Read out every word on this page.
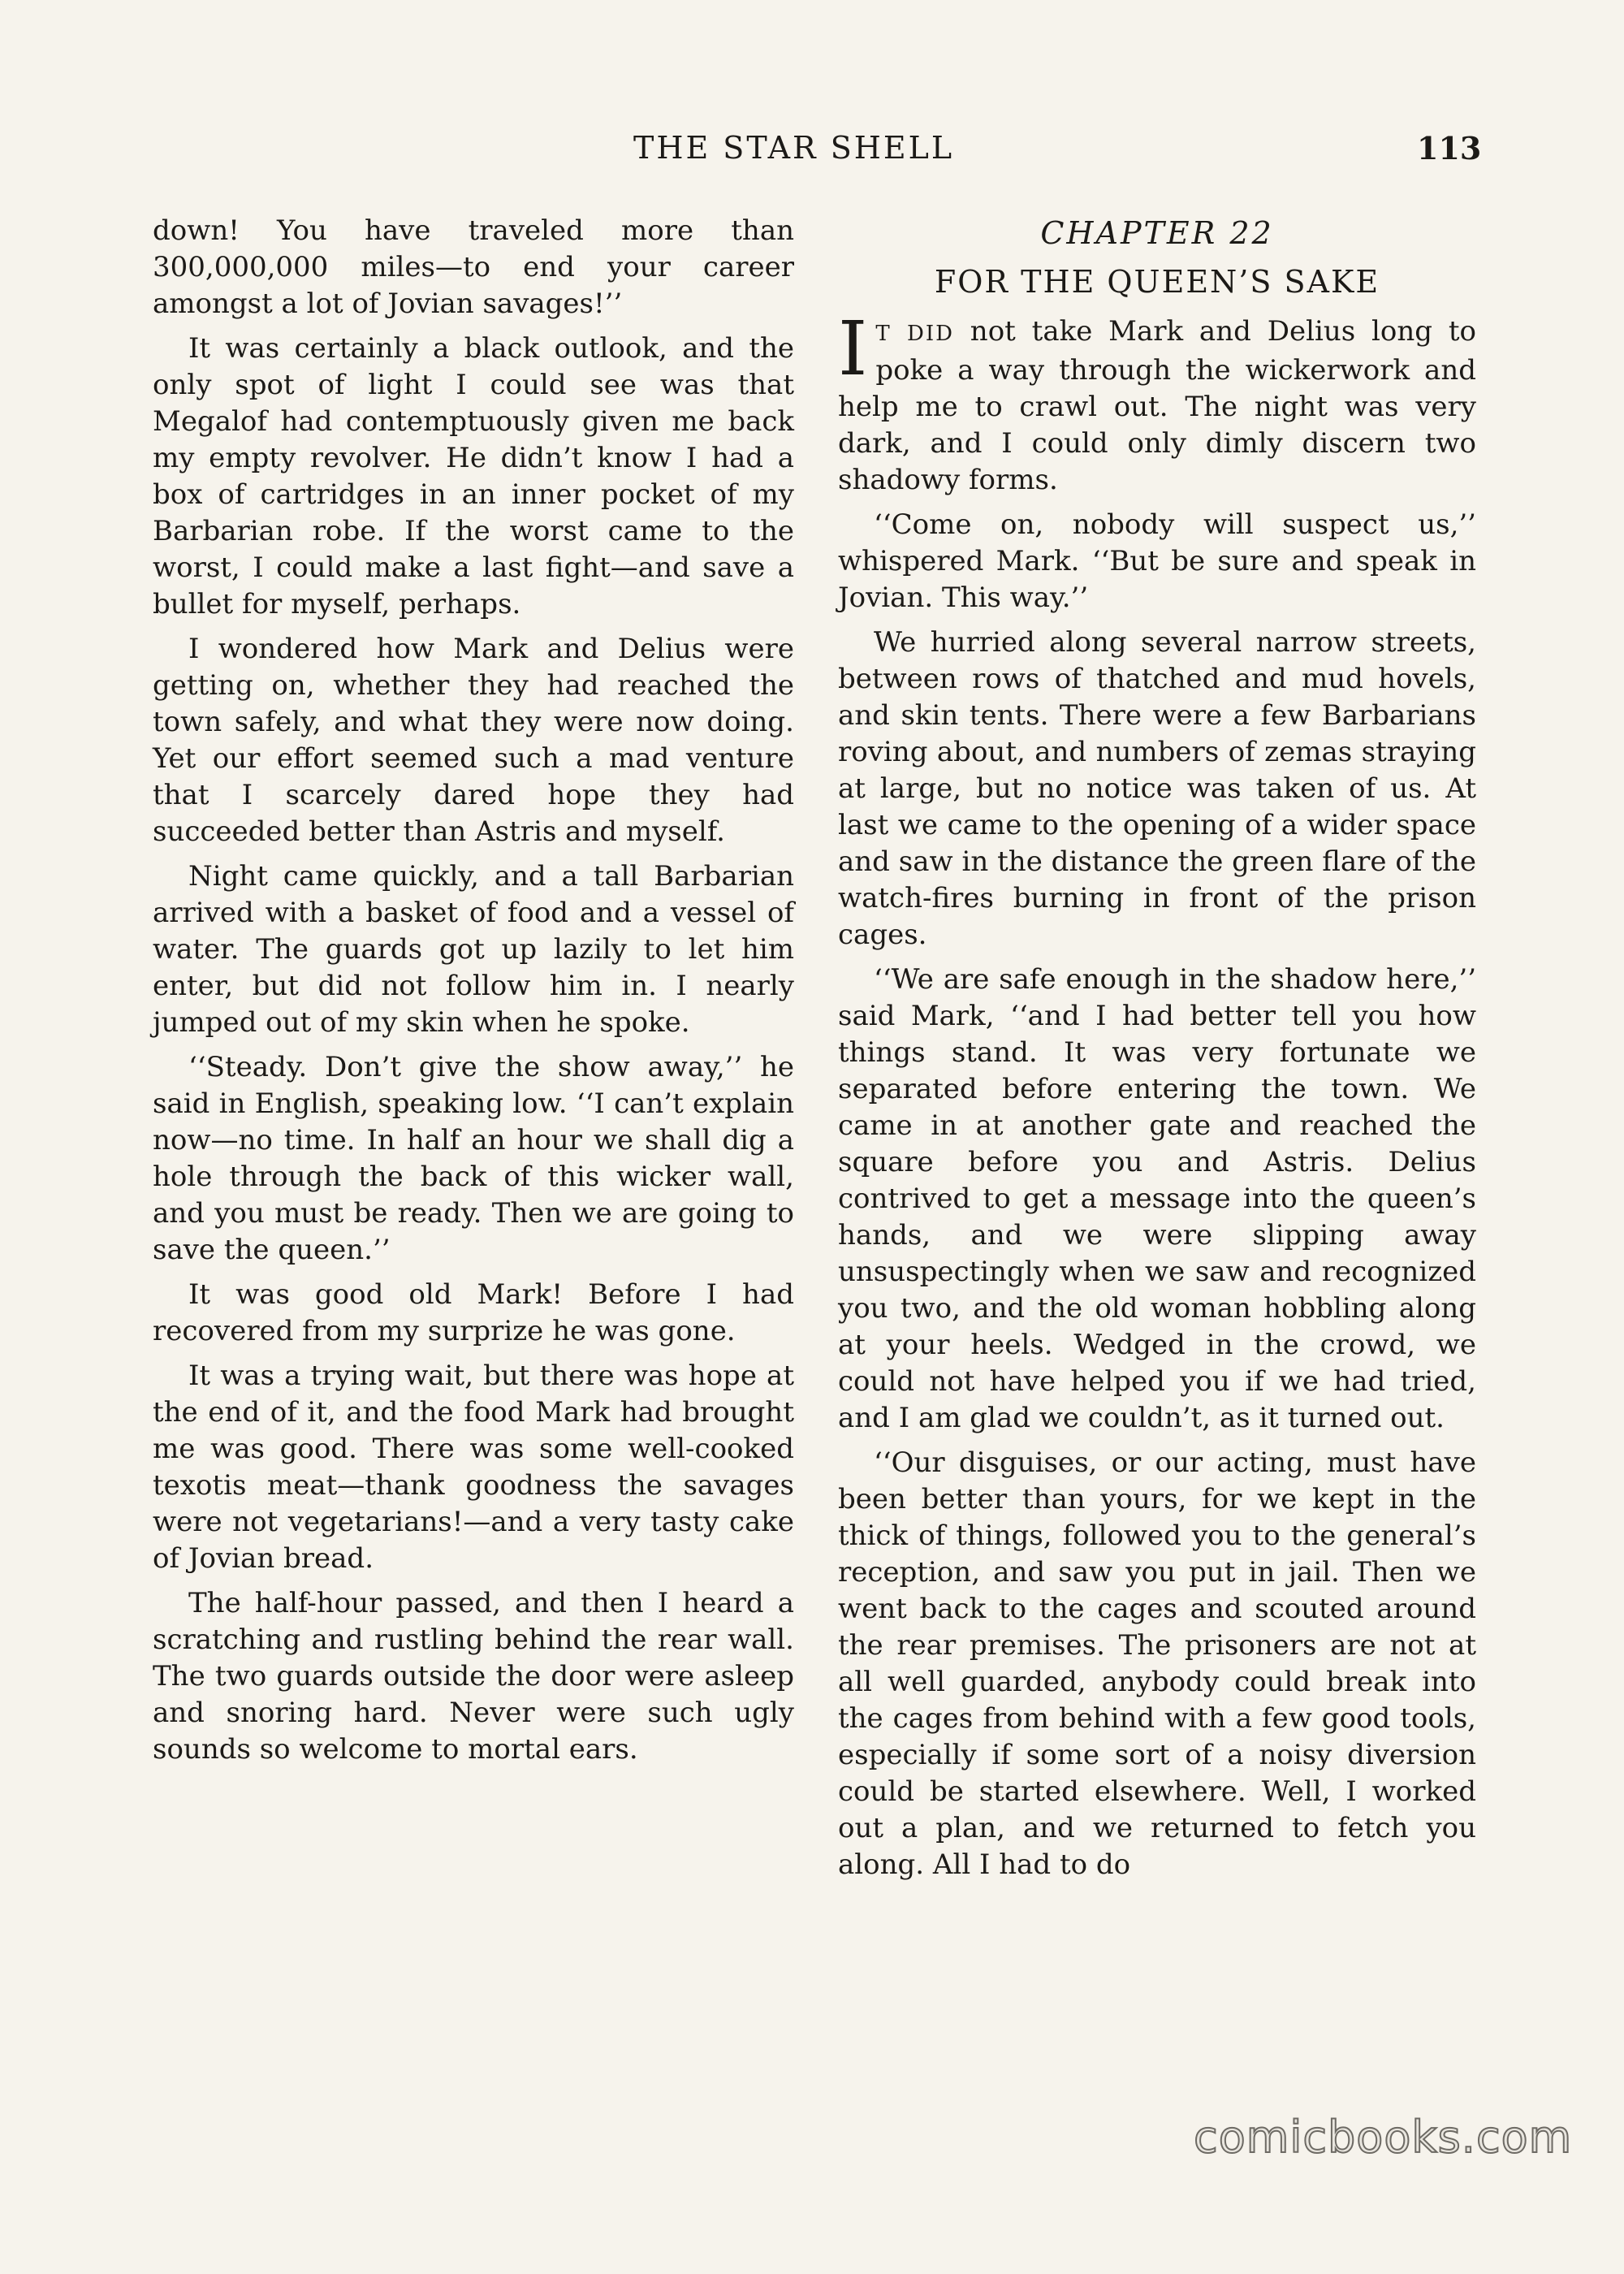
THE STAR SHELL	113

down! You have traveled more than 300,000,000 miles—to end your career amongst a lot of Jovian savages!’’

It was certainly a black outlook, and the only spot of light I could see was that Megalof had contemptuously given me back my empty revolver. He didn’t know I had a box of cartridges in an inner pocket of my Barbarian robe. If the worst came to the worst, I could make a last fight—and save a bullet for myself, perhaps.

I wondered how Mark and Delius were getting on, whether they had reached the town safely, and what they were now doing. Yet our effort seemed such a mad venture that I scarcely dared hope they had succeeded better than Astris and myself.

Night came quickly, and a tall Barbarian arrived with a basket of food and a vessel of water. The guards got up lazily to let him enter, but did not follow him in. I nearly jumped out of my skin when he spoke.

‘‘Steady. Don’t give the show away,’’ he said in English, speaking low. ‘‘I can’t explain now—no time. In half an hour we shall dig a hole through the back of this wicker wall, and you must be ready. Then we are going to save the queen.’’

It was good old Mark! Before I had recovered from my surprize he was gone.

It was a trying wait, but there was hope at the end of it, and the food Mark had brought me was good. There was some well-cooked texotis meat—thank goodness the savages were not vegetarians!—and a very tasty cake of Jovian bread.

The half-hour passed, and then I heard a scratching and rustling behind the rear wall. The two guards outside the door were asleep and snoring hard. Never were such ugly sounds so welcome to mortal ears.

CHAPTER 22
FOR THE QUEEN’S SAKE

I T DID not take Mark and Delius long to poke a way through the wickerwork and help me to crawl out. The night was very dark, and I could only dimly discern two shadowy forms.

‘‘Come on, nobody will suspect us,’’ whispered Mark. ‘‘But be sure and speak in Jovian. This way.’’

We hurried along several narrow streets, between rows of thatched and mud hovels, and skin tents. There were a few Barbarians roving about, and numbers of zemas straying at large, but no notice was taken of us. At last we came to the opening of a wider space and saw in the distance the green flare of the watch-fires burning in front of the prison cages.

‘‘We are safe enough in the shadow here,’’ said Mark, ‘‘and I had better tell you how things stand. It was very fortunate we separated before entering the town. We came in at another gate and reached the square before you and Astris. Delius contrived to get a message into the queen’s hands, and we were slipping away unsuspectingly when we saw and recognized you two, and the old woman hobbling along at your heels. Wedged in the crowd, we could not have helped you if we had tried, and I am glad we couldn’t, as it turned out.

‘‘Our disguises, or our acting, must have been better than yours, for we kept in the thick of things, followed you to the general’s reception, and saw you put in jail. Then we went back to the cages and scouted around the rear premises. The prisoners are not at all well guarded, anybody could break into the cages from behind with a few good tools, especially if some sort of a noisy diversion could be started elsewhere. Well, I worked out a plan, and we returned to fetch you along. All I had to do

comicbooks.com
